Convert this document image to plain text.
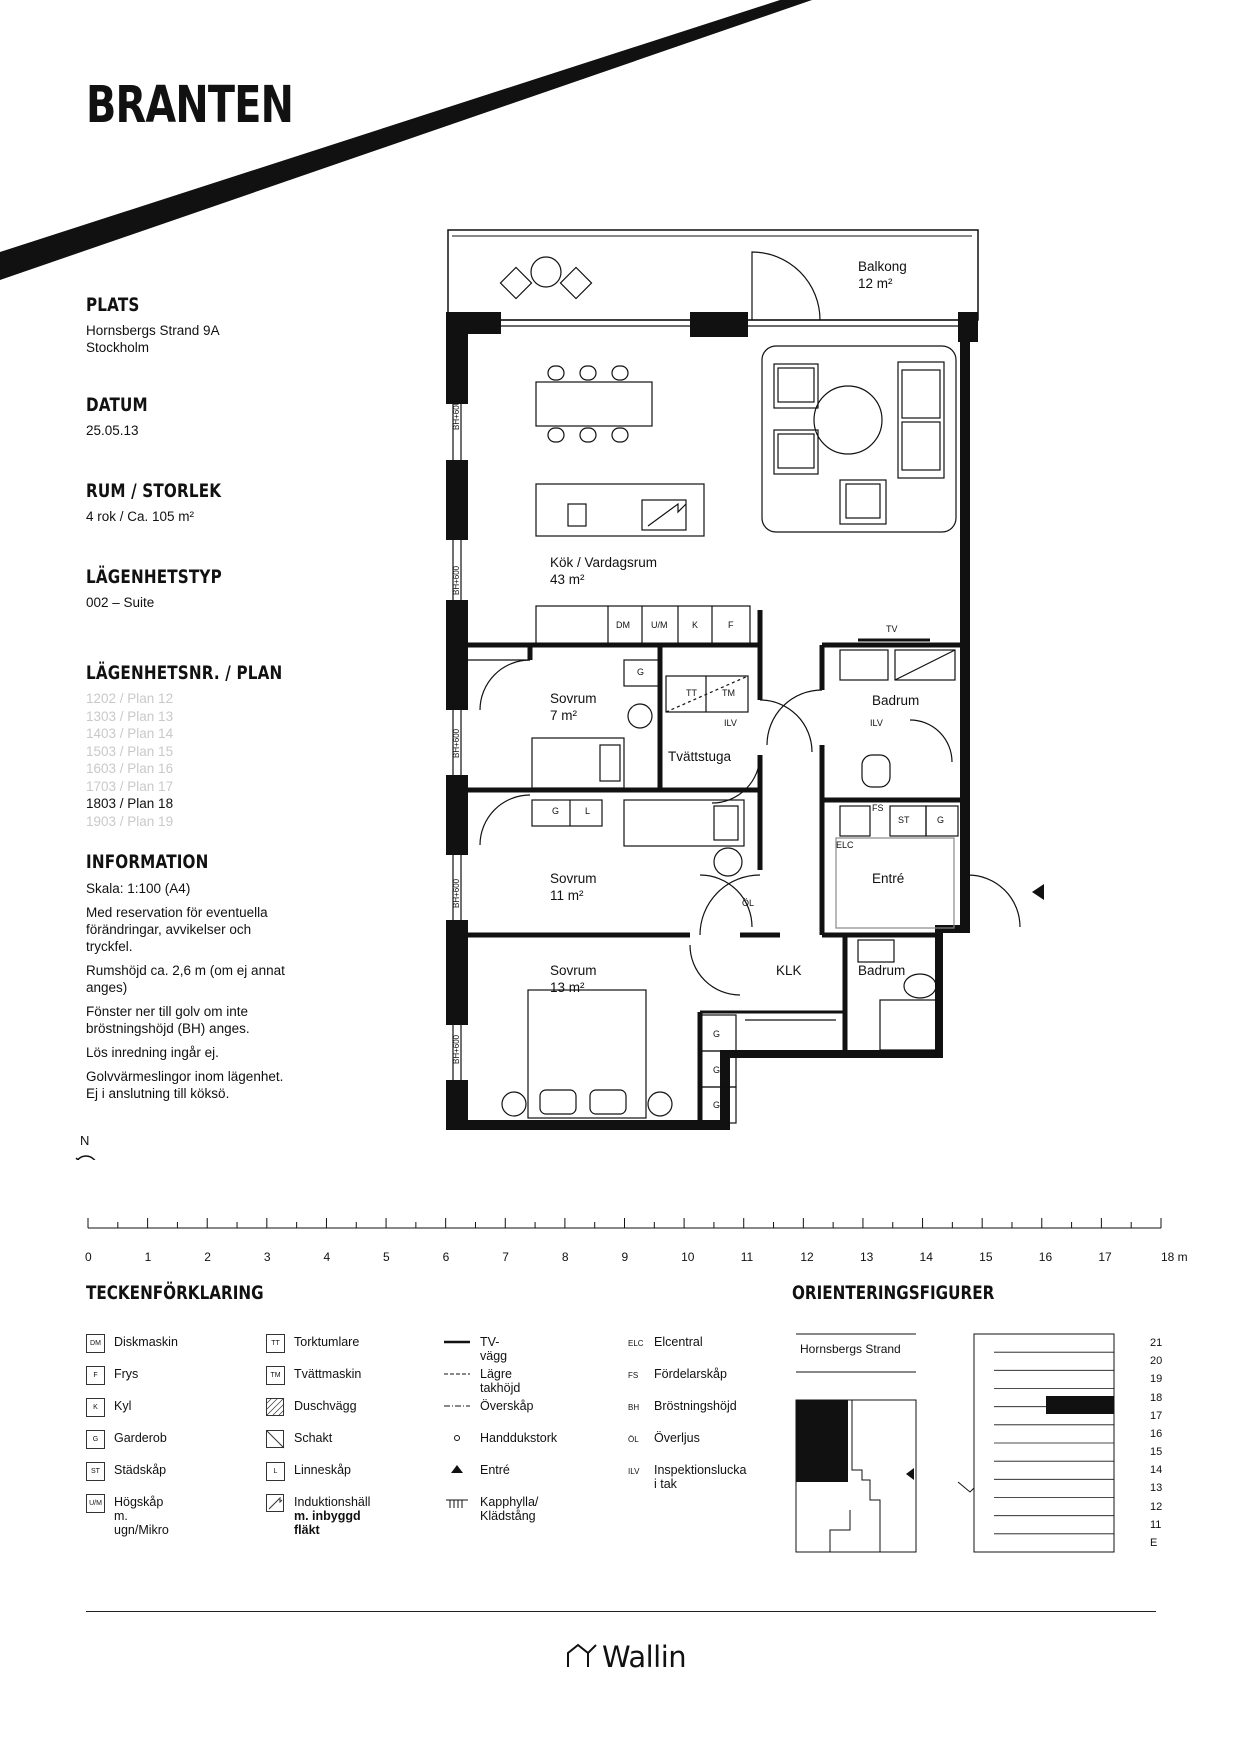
BRANTEN
PLATS
Hornsbergs Strand 9A
Stockholm
DATUM
25.05.13
RUM / STORLEK
4 rok / Ca. 105 m²
LÄGENHETSTYP
002 – Suite
LÄGENHETSNR. / PLAN
1202 / Plan 12
1303 / Plan 13
1403 / Plan 14
1503 / Plan 15
1603 / Plan 16
1703 / Plan 17
1803 / Plan 18
1903 / Plan 19
INFORMATION
Skala: 1:100 (A4)
Med reservation för eventuella förändringar, avvikelser och tryckfel.
Rumshöjd ca. 2,6 m (om ej annat anges)
Fönster ner till golv om inte bröstningshöjd (BH) anges.
Lös inredning ingår ej.
Golvvärmeslingor inom lägenhet. Ej i anslutning till köksö.
Balkong
12 m²
Kök / Vardagsrum
43 m²
Sovrum
7 m²
Tvättstuga
Badrum
Sovrum
11 m²
Entré
Sovrum
13 m²
KLK	Badrum
BH+600
BH+600
BH+600
BH+600
BH+600
TV
DM U/M	K	F
G
TT	TM
ILV	ILV
G	L	FS
ST	G
ELC
ÖL
G
G
G
N
0	1	2	3	4	5	6	7	8	9	10	11	12	13	14	15	16	17	18 m
TECKENFÖRKLARING
DM	Diskmaskin
F	Frys
K	Kyl
G	Garderob
ST	Städskåp
U/M Högskåp m. ugn/Mikro
TT	Torktumlare
TM	Tvättmaskin
Duschvägg
Schakt
L	Linneskåp
Induktionshäll
m. inbyggd fläkt
TV-vägg
Lägre takhöjd
Överskåp
Handdukstork
Entré
Kapphylla/ Klädstång
ELC Elcentral
FS Fördelarskåp
BH Bröstningshöjd
ÖL Överljus
ILV Inspektionslucka i tak
ORIENTERINGSFIGURER
Hornsbergs Strand	21
20
19
18
17
16
15
14
13
12
11
E
Wallin
